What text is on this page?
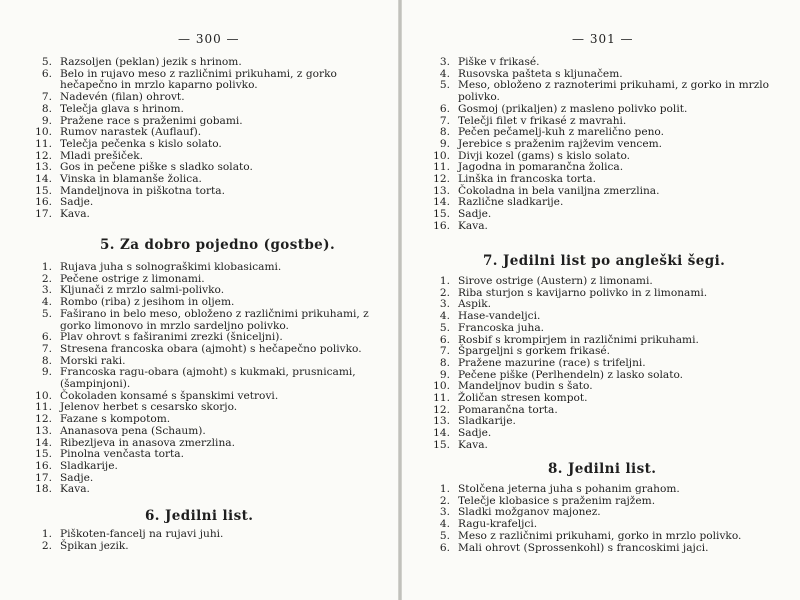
— 300 —
5. Razsoljen (peklan) jezik s hrinom.
6. Belo in rujavo meso z različnimi prikuhami, z gorko hečapečno in mrzlo kaparno polivko.
7. Nadevén (filan) ohrovt.
8. Telečja glava s hrinom.
9. Pražene race s praženimi gobami.
10. Rumov narastek (Auflauf).
11. Telečja pečenka s kislo solato.
12. Mladi prešiček.
13. Gos in pečene piške s sladko solato.
14. Vinska in blamanše žolica.
15. Mandeljnova in piškotna torta.
16. Sadje.
17. Kava.
5. Za dobro pojedno (gostbe).
1. Rujava juha s solnograškimi klobasicami.
2. Pečene ostrige z limonami.
3. Kljunači z mrzlo salmi-polivko.
4. Rombo (riba) z jesihom in oljem.
5. Faširano in belo meso, obloženo z različnimi prikuhami, z gorko limonovo in mrzlo sardeljno polivko.
6. Plav ohrovt s faširanimi zrezki (šniceljni).
7. Stresena francoska obara (ajmoht) s hečapečno polivko.
8. Morski raki.
9. Francoska ragu-obara (ajmoht) s kukmaki, prusnicami, (šampinjoni).
10. Čokoladen konsamé s španskimi vetrovi.
11. Jelenov herbet s cesarsko skorjo.
12. Fazane s kompotom.
13. Ananasova pena (Schaum).
14. Ribezljeva in anasova zmerzlina.
15. Pinolna venčasta torta.
16. Sladkarije.
17. Sadje.
18. Kava.
6. Jedilni list.
1. Piškoten-fancelj na rujavi juhi.
2. Špikan jezik.
— 301 —
3. Piške v frikasé.
4. Rusovska pašteta s kljunačem.
5. Meso, obloženo z raznoterimi prikuhami, z gorko in mrzlo polivko.
6. Gosmoj (prikaljen) z masleno polivko polit.
7. Telečji filet v frikasé z mavrahi.
8. Pečen pečamelj-kuh z marelično peno.
9. Jerebice s praženim rajževim vencem.
10. Divji kozel (gams) s kislo solato.
11. Jagodna in pomarančna žolica.
12. Linška in francoska torta.
13. Čokoladna in bela vaniljna zmerzlina.
14. Različne sladkarije.
15. Sadje.
16. Kava.
7. Jedilni list po angleški šegi.
1. Sirove ostrige (Austern) z limonami.
2. Riba sturjon s kavijarno polivko in z limonami.
3. Aspik.
4. Hase-vandeljci.
5. Francoska juha.
6. Rosbif s krompirjem in različnimi prikuhami.
7. Špargeljni s gorkem frikasé.
8. Pražene mazurine (race) s trifeljni.
9. Pečene piške (Perlhendeln) z lasko solato.
10. Mandeljnov budin s šato.
11. Žoličan stresen kompot.
12. Pomarančna torta.
13. Sladkarije.
14. Sadje.
15. Kava.
8. Jedilni list.
1. Stolčena jeterna juha s pohanim grahom.
2. Telečje klobasice s praženim rajžem.
3. Sladki možganov majonez.
4. Ragu-krafeljci.
5. Meso z različnimi prikuhami, gorko in mrzlo polivko.
6. Mali ohrovt (Sprossenkohl) s francoskimi jajci.
